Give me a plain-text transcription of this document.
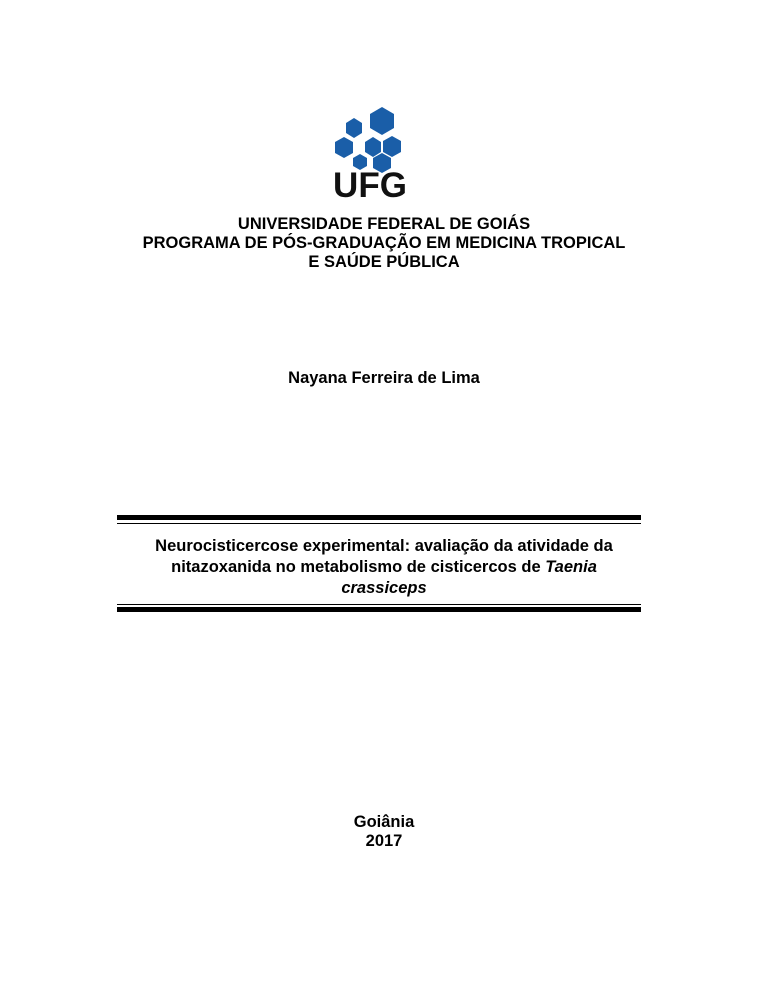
UFG
UNIVERSIDADE FEDERAL DE GOIÁS
PROGRAMA DE PÓS-GRADUAÇÃO EM MEDICINA TROPICAL
E SAÚDE PÚBLICA
Nayana Ferreira de Lima
Neurocisticercose experimental: avaliação da atividade da
nitazoxanida no metabolismo de cisticercos de Taenia
crassiceps
Goiânia
2017
